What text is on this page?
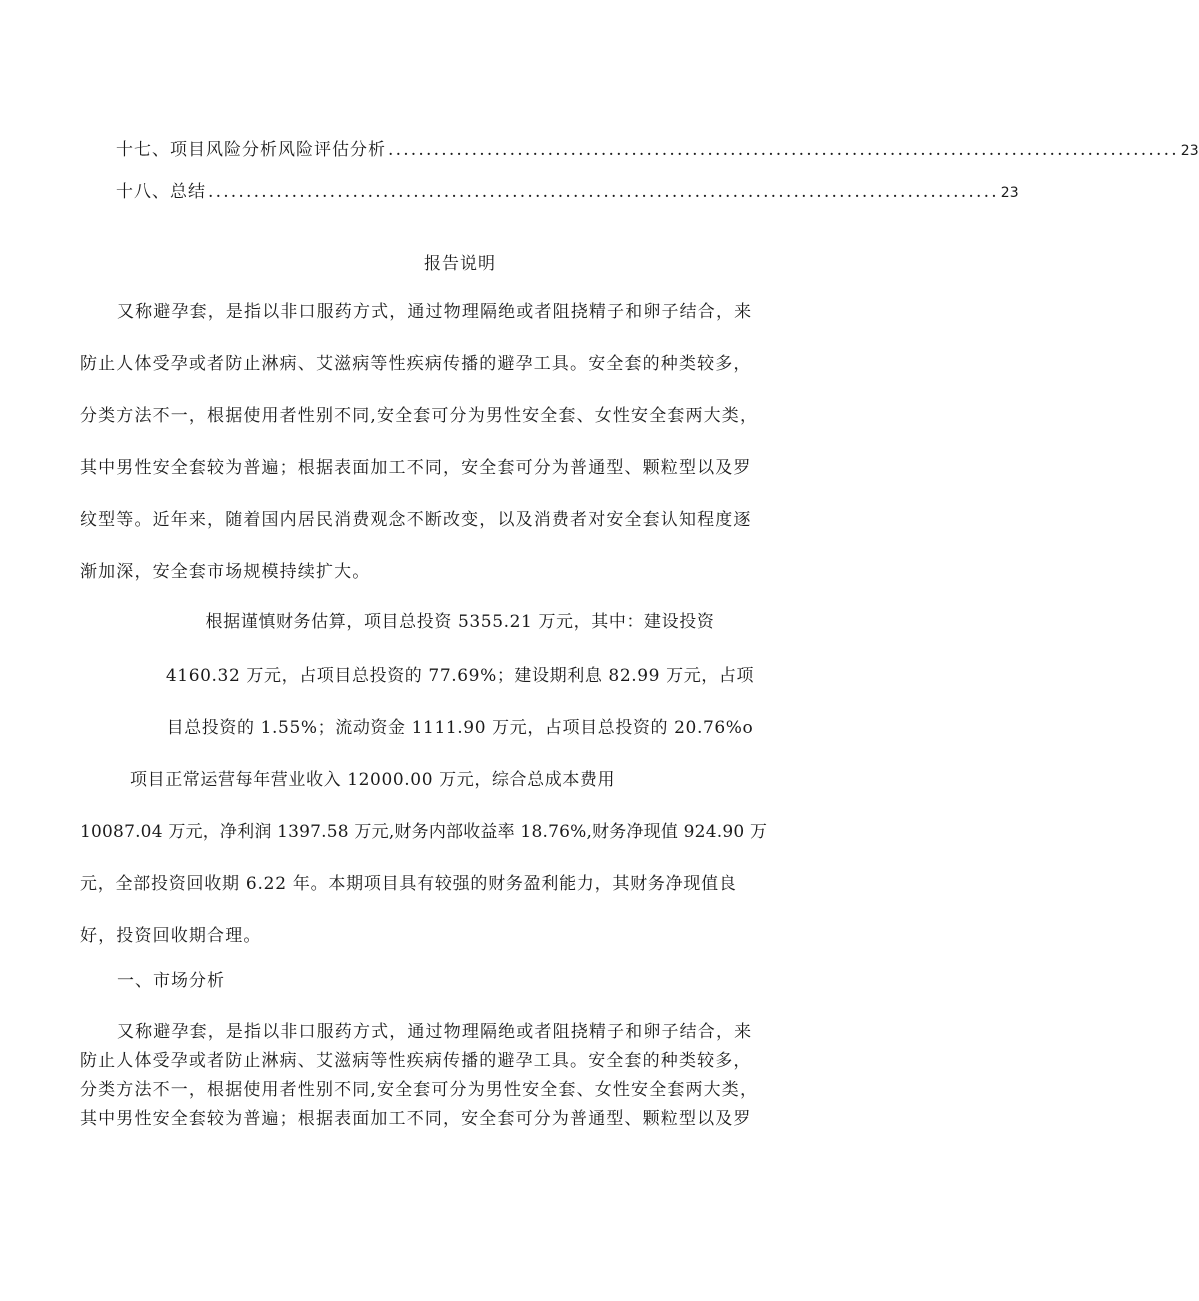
十七、项目风险分析风险评估分析 ........................................................................................................ 23
十八、总结 ........................................................................................................ 23
报告说明
又称避孕套，是指以非口服药方式，通过物理隔绝或者阻挠精子和卵子结合，来
防止人体受孕或者防止淋病、艾滋病等性疾病传播的避孕工具。安全套的种类较多，
分类方法不一，根据使用者性别不同,安全套可分为男性安全套、女性安全套两大类，
其中男性安全套较为普遍；根据表面加工不同，安全套可分为普通型、颗粒型以及罗
纹型等。近年来，随着国内居民消费观念不断改变，以及消费者对安全套认知程度逐
渐加深，安全套市场规模持续扩大。
根据谨慎财务估算，项目总投资 5355.21 万元，其中：建设投资
4160.32 万元，占项目总投资的 77.69%；建设期利息 82.99 万元，占项
目总投资的 1.55%；流动资金 1111.90 万元，占项目总投资的 20.76%o
项目正常运营每年营业收入 12000.00 万元，综合总成本费用
10087.04 万元，净利润 1397.58 万元,财务内部收益率 18.76%,财务净现值 924.90 万
元，全部投资回收期 6.22 年。本期项目具有较强的财务盈利能力，其财务净现值良
好，投资回收期合理。
一、市场分析
又称避孕套，是指以非口服药方式，通过物理隔绝或者阻挠精子和卵子结合，来
防止人体受孕或者防止淋病、艾滋病等性疾病传播的避孕工具。安全套的种类较多，
分类方法不一，根据使用者性别不同,安全套可分为男性安全套、女性安全套两大类，
其中男性安全套较为普遍；根据表面加工不同，安全套可分为普通型、颗粒型以及罗
